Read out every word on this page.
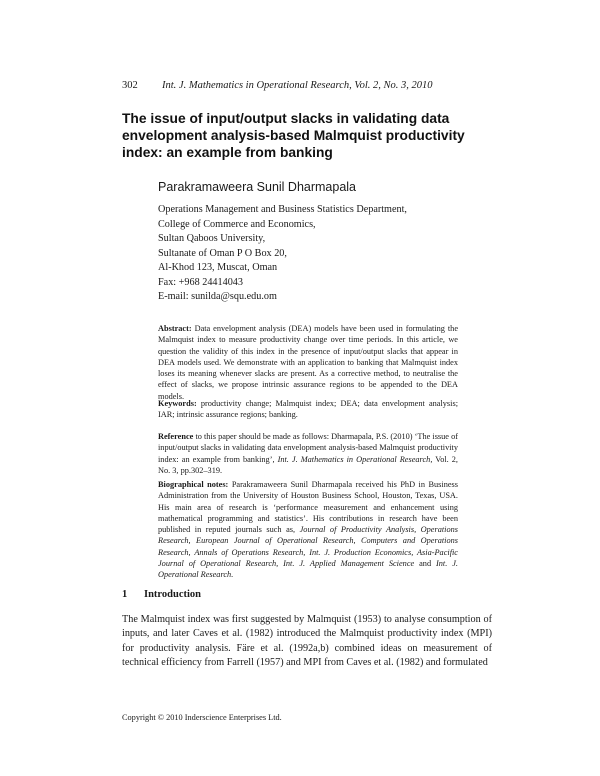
302 Int. J. Mathematics in Operational Research, Vol. 2, No. 3, 2010
The issue of input/output slacks in validating data envelopment analysis-based Malmquist productivity index: an example from banking
Parakramaweera Sunil Dharmapala
Operations Management and Business Statistics Department,
College of Commerce and Economics,
Sultan Qaboos University,
Sultanate of Oman P O Box 20,
Al-Khod 123, Muscat, Oman
Fax: +968 24414043
E-mail: sunilda@squ.edu.om
Abstract: Data envelopment analysis (DEA) models have been used in formulating the Malmquist index to measure productivity change over time periods. In this article, we question the validity of this index in the presence of input/output slacks that appear in DEA models used. We demonstrate with an application to banking that Malmquist index loses its meaning whenever slacks are present. As a corrective method, to neutralise the effect of slacks, we propose intrinsic assurance regions to be appended to the DEA models.
Keywords: productivity change; Malmquist index; DEA; data envelopment analysis; IAR; intrinsic assurance regions; banking.
Reference to this paper should be made as follows: Dharmapala, P.S. (2010) ‘The issue of input/output slacks in validating data envelopment analysis-based Malmquist productivity index: an example from banking’, Int. J. Mathematics in Operational Research, Vol. 2, No. 3, pp.302–319.
Biographical notes: Parakramaweera Sunil Dharmapala received his PhD in Business Administration from the University of Houston Business School, Houston, Texas, USA. His main area of research is ‘performance measurement and enhancement using mathematical programming and statistics’. His contributions in research have been published in reputed journals such as, Journal of Productivity Analysis, Operations Research, European Journal of Operational Research, Computers and Operations Research, Annals of Operations Research, Int. J. Production Economics, Asia-Pacific Journal of Operational Research, Int. J. Applied Management Science and Int. J. Operational Research.
1 Introduction
The Malmquist index was first suggested by Malmquist (1953) to analyse consumption of inputs, and later Caves et al. (1982) introduced the Malmquist productivity index (MPI) for productivity analysis. Färe et al. (1992a,b) combined ideas on measurement of technical efficiency from Farrell (1957) and MPI from Caves et al. (1982) and formulated
Copyright © 2010 Inderscience Enterprises Ltd.
